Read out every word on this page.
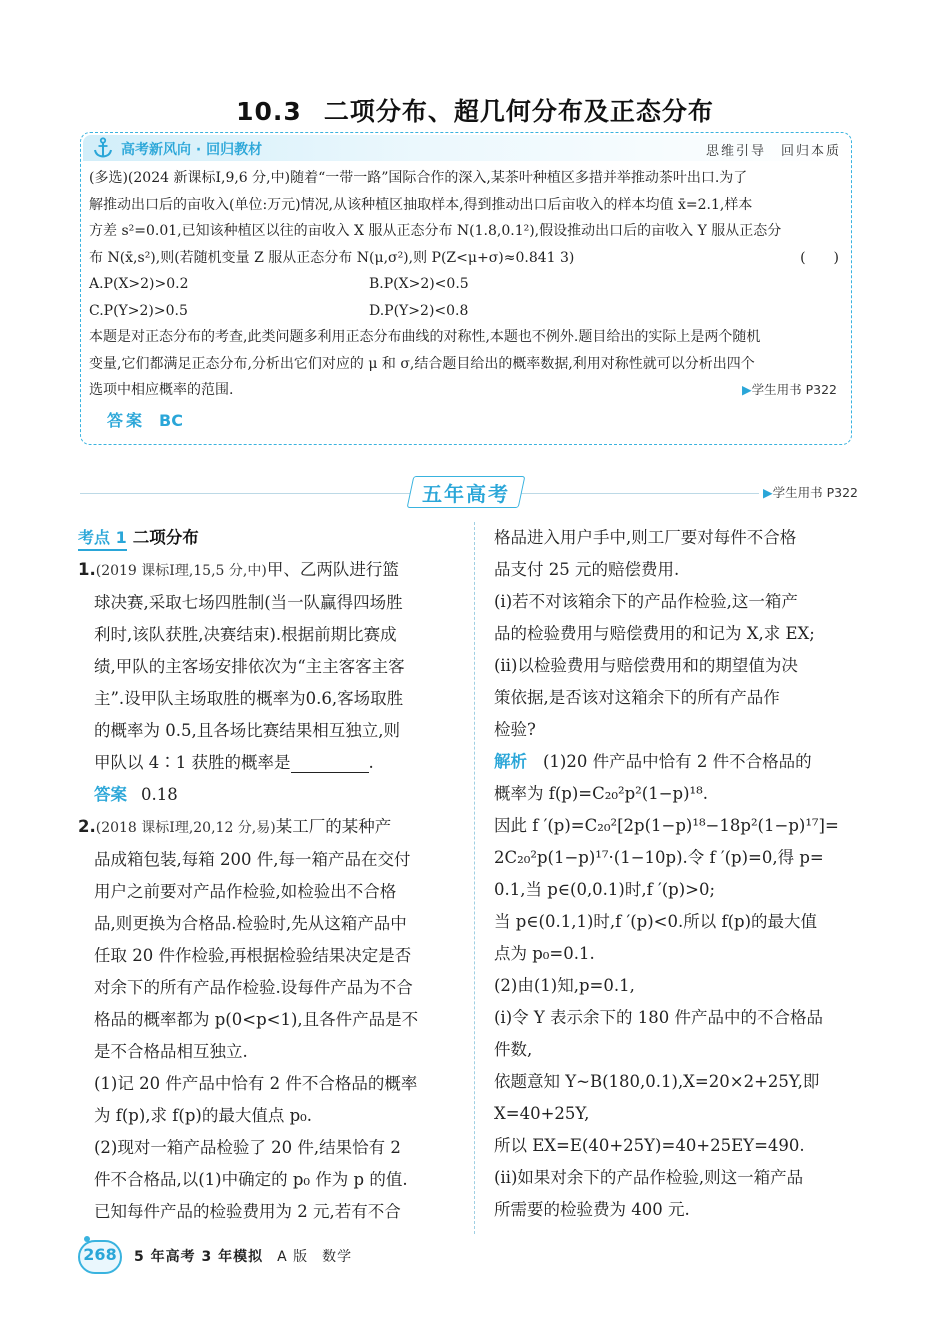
10.3 二项分布、超几何分布及正态分布
高考新风向 · 回归教材	思维引导　回归本质

(多选)(2024 新课标Ⅰ,9,6 分,中)随着“一带一路”国际合作的深入,某茶叶种植区多措并举推动茶叶出口.为了

解推动出口后的亩收入(单位:万元)情况,从该种植区抽取样本,得到推动出口后亩收入的样本均值 x̄=2.1,样本

方差 s²=0.01,已知该种植区以往的亩收入 X 服从正态分布 N(1.8,0.1²),假设推动出口后的亩收入 Y 服从正态分

布 N(x̄,s²),则(若随机变量 Z 服从正态分布 N(μ,σ²),则 P(Z<μ+σ)≈0.841 3)	(　　)

A.P(X>2)>0.2	B.P(X>2)<0.5
C.P(Y>2)>0.5	D.P(Y>2)<0.8

本题是对正态分布的考查,此类问题多利用正态分布曲线的对称性,本题也不例外.题目给出的实际上是两个随机

变量,它们都满足正态分布,分析出它们对应的 μ 和 σ,结合题目给出的概率数据,利用对称性就可以分析出四个

选项中相应概率的范围.	▶学生用书 P322

答案 BC
五年高考	▶学生用书 P322

考点 1 二项分布

1.(2019 课标Ⅰ理,15,5 分,中)甲、乙两队进行篮

球决赛,采取七场四胜制(当一队赢得四场胜

利时,该队获胜,决赛结束).根据前期比赛成

绩,甲队的主客场安排依次为“主主客客主客

主”.设甲队主场取胜的概率为0.6,客场取胜

的概率为 0.5,且各场比赛结果相互独立,则

甲队以 4∶1 获胜的概率是	.

答案 0.18

2.(2018 课标Ⅰ理,20,12 分,易)某工厂的某种产

品成箱包装,每箱 200 件,每一箱产品在交付

用户之前要对产品作检验,如检验出不合格

品,则更换为合格品.检验时,先从这箱产品中

任取 20 件作检验,再根据检验结果决定是否

对余下的所有产品作检验.设每件产品为不合

格品的概率都为 p(0<p<1),且各件产品是不

是不合格品相互独立.

(1)记 20 件产品中恰有 2 件不合格品的概率

为 f(p),求 f(p)的最大值点 p₀.

(2)现对一箱产品检验了 20 件,结果恰有 2

件不合格品,以(1)中确定的 p₀ 作为 p 的值.

已知每件产品的检验费用为 2 元,若有不合

格品进入用户手中,则工厂要对每件不合格

品支付 25 元的赔偿费用.

(ⅰ)若不对该箱余下的产品作检验,这一箱产

品的检验费用与赔偿费用的和记为 X,求 EX;

(ⅱ)以检验费用与赔偿费用和的期望值为决

策依据,是否该对这箱余下的所有产品作

检验?

解析 (1)20 件产品中恰有 2 件不合格品的

概率为 f(p)=C₂₀²p²(1−p)¹⁸.

因此 f ′(p)=C₂₀²[2p(1−p)¹⁸−18p²(1−p)¹⁷]=

2C₂₀²p(1−p)¹⁷·(1−10p).令 f ′(p)=0,得 p=

0.1,当 p∈(0,0.1)时,f ′(p)>0;

当 p∈(0.1,1)时,f ′(p)<0.所以 f(p)的最大值

点为 p₀=0.1.

(2)由(1)知,p=0.1,

(ⅰ)令 Y 表示余下的 180 件产品中的不合格品

件数,

依题意知 Y~B(180,0.1),X=20×2+25Y,即

X=40+25Y,

所以 EX=E(40+25Y)=40+25EY=490.

(ⅱ)如果对余下的产品作检验,则这一箱产品

所需要的检验费为 400 元.

268	5 年高考 3 年模拟 A 版 数学
